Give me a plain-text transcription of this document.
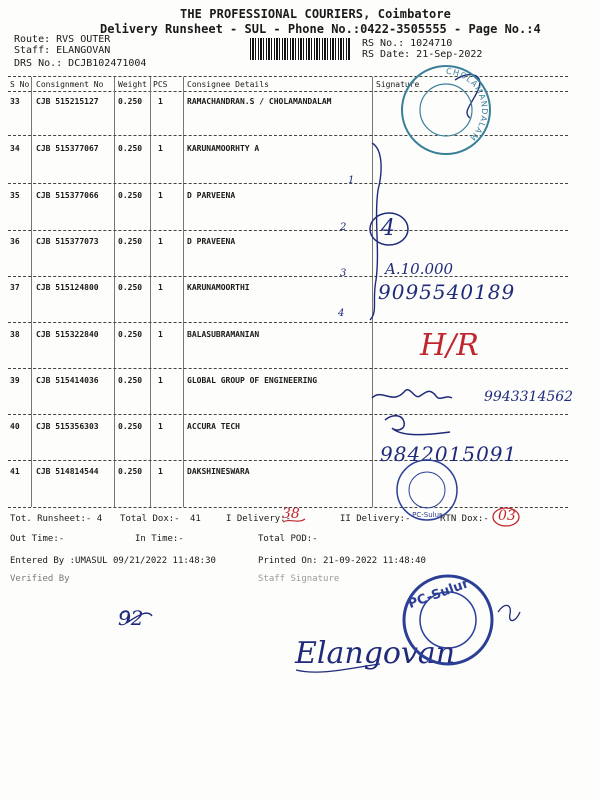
THE PROFESSIONAL COURIERS, Coimbatore
Delivery Runsheet - SUL - Phone No.:0422-3505555 - Page No.:4
Route: RVS OUTER
Staff: ELANGOVAN
DRS No.: DCJB102471004
RS No.: 1024710
RS Date: 21-Sep-2022
S No Consignment No Weight PCS Consignee Details	Signature
33 CJB 515215127 0.250 1	RAMACHANDRAN.S / CHOLAMANDALAM
34 CJB 515377067 0.250 1	KARUNAMOORHTY A
35 CJB 515377066 0.250 1	D PARVEENA
36 CJB 515377073 0.250 1	D PRAVEENA
37 CJB 515124800 0.250 1	KARUNAMOORTHI
38 CJB 515322840 0.250 1	BALASUBRAMANIAN
39 CJB 515414036 0.250 1	GLOBAL GROUP OF ENGINEERING
40 CJB 515356303 0.250 1	ACCURA TECH
41 CJB 514814544 0.250 1	DAKSHINESWARA
Tot. Runsheet:- 4 Total Dox:- 41	I Delivery:-	II Delivery:-	RTN Dox:-
Out Time:-	In Time:-	Total POD:-
Entered By :UMASUL 09/21/2022 11:48:30	Printed On: 21-09-2022 11:48:40
Verified By	Staff Signature
4
1
2
3
4
A.10.000
9095540189
H/R
9943314562
9842015091
38	03
92
Elangovan
CHOLAMANDALAM
PC-Sulur
PC-Sulur
